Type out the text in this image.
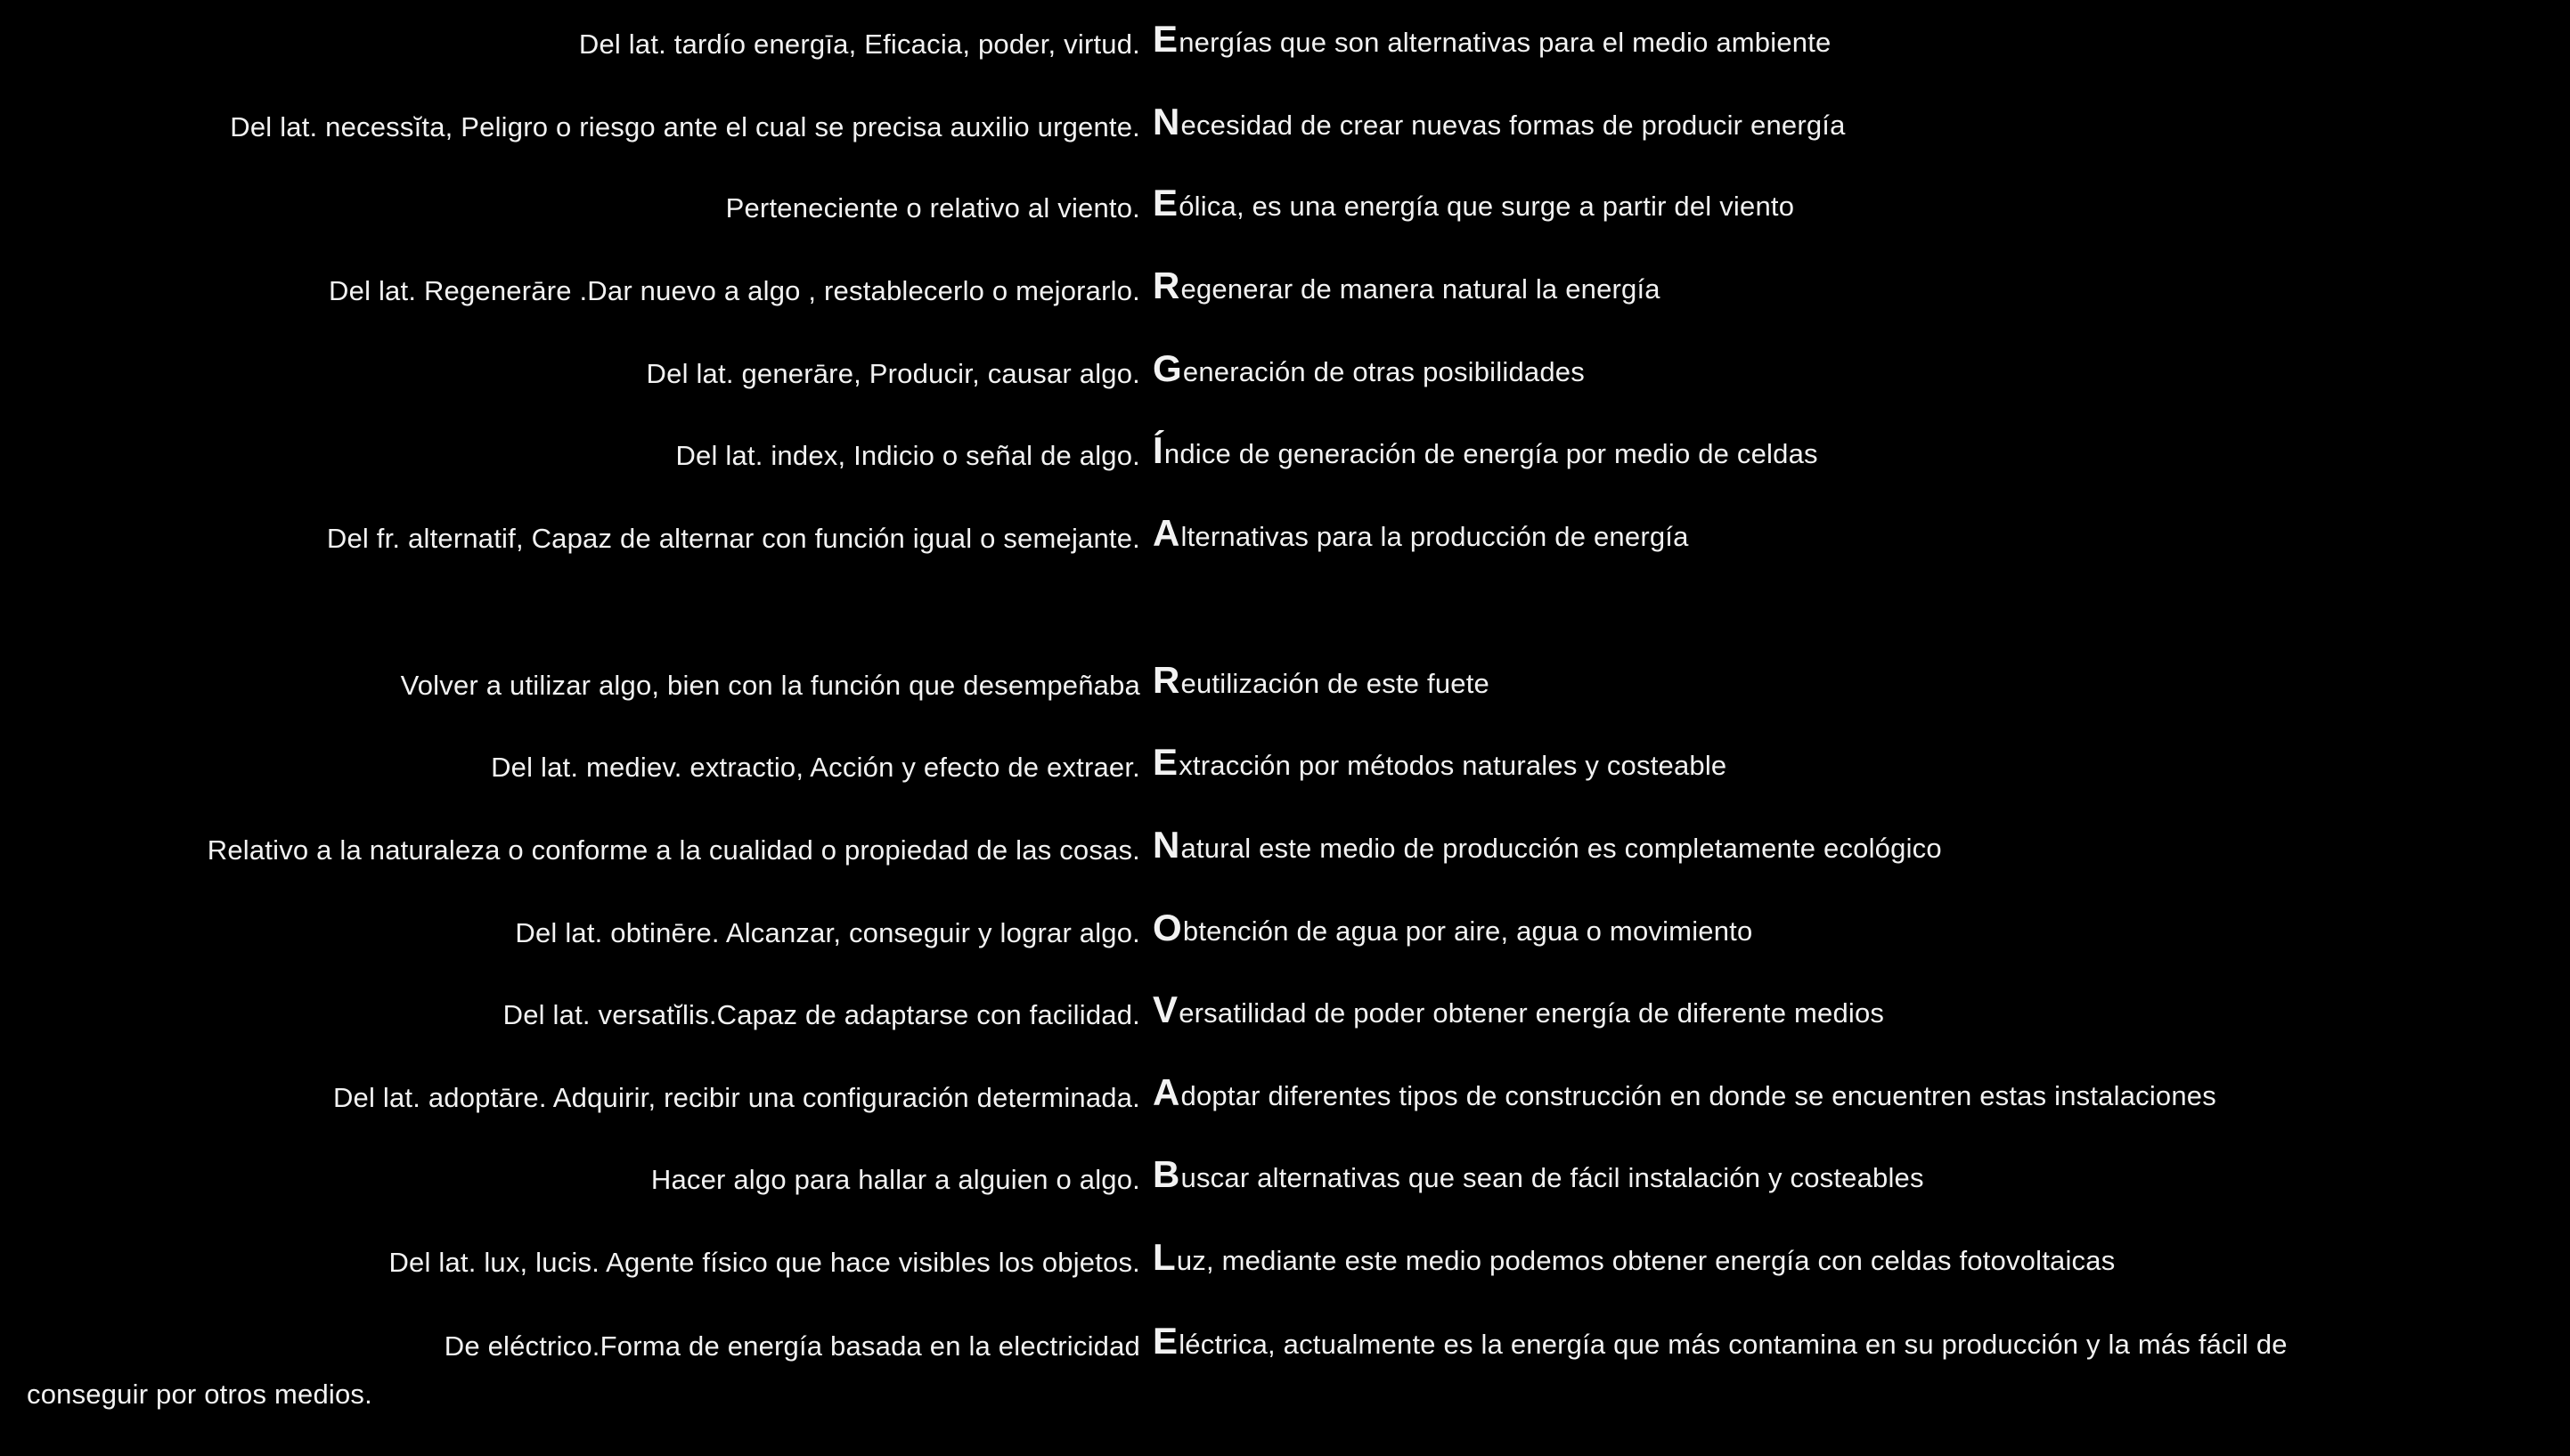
Del lat. tardío energīa, Eficacia, poder, virtud. Energías que son alternativas para el medio ambiente
Del lat. necessĭta, Peligro o riesgo ante el cual se precisa auxilio urgente. Necesidad de crear nuevas formas de producir energía
Perteneciente o relativo al viento. Eólica, es una energía que surge a partir del viento
Del lat. Regenerāre .Dar nuevo a algo , restablecerlo o mejorarlo. Regenerar de manera natural la energía
Del lat. generāre, Producir, causar algo. Generación de otras posibilidades
Del lat. index, Indicio o señal de algo. Índice de generación de energía por medio de celdas
Del fr. alternatif, Capaz de alternar con función igual o semejante. Alternativas para la producción de energía
Volver a utilizar algo, bien con la función que desempeñaba Reutilización de este fuete
Del lat. mediev. extractio, Acción y efecto de extraer. Extracción por métodos naturales y costeable
Relativo a la naturaleza o conforme a la cualidad o propiedad de las cosas. Natural este medio de producción es completamente ecológico
Del lat. obtinēre. Alcanzar, conseguir y lograr algo. Obtención de agua por aire, agua o movimiento
Del lat. versatĭlis.Capaz de adaptarse con facilidad. Versatilidad de poder obtener energía de diferente medios
Del lat. adoptāre. Adquirir, recibir una configuración determinada. Adoptar diferentes tipos de construcción en donde se encuentren estas instalaciones
Hacer algo para hallar a alguien o algo. Buscar alternativas que sean de fácil instalación y costeables
Del lat. lux, lucis. Agente físico que hace visibles los objetos. Luz, mediante este medio podemos obtener energía con celdas fotovoltaicas
De eléctrico.Forma de energía basada en la electricidad Eléctrica, actualmente es la energía que más contamina en su producción y la más fácil de
conseguir por otros medios.
